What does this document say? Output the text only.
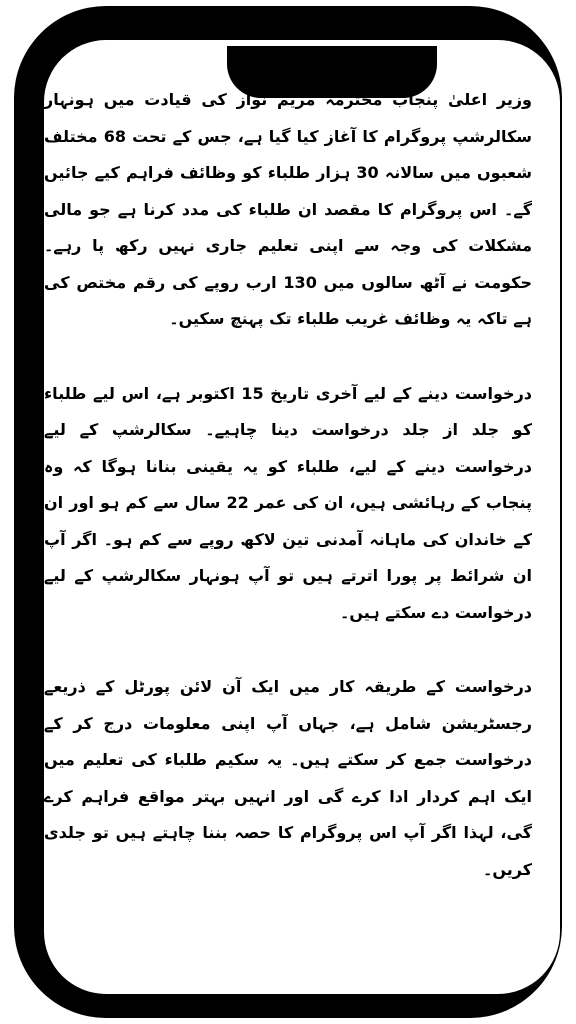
وزیر اعلیٰ پنجاب محترمہ مریم نواز کی قیادت میں ہونہار سکالرشپ پروگرام کا آغاز کیا گیا ہے، جس کے تحت 68 مختلف شعبوں میں سالانہ 30 ہزار طلباء کو وظائف فراہم کیے جائیں گے۔ اس پروگرام کا مقصد ان طلباء کی مدد کرنا ہے جو مالی مشکلات کی وجہ سے اپنی تعلیم جاری نہیں رکھ پا رہے۔ حکومت نے آٹھ سالوں میں 130 ارب روپے کی رقم مختص کی ہے تاکہ یہ وظائف غریب طلباء تک پہنچ سکیں۔

درخواست دینے کے لیے آخری تاریخ 15 اکتوبر ہے، اس لیے طلباء کو جلد از جلد درخواست دینا چاہیے۔ سکالرشپ کے لیے درخواست دینے کے لیے، طلباء کو یہ یقینی بنانا ہوگا کہ وہ پنجاب کے رہائشی ہیں، ان کی عمر 22 سال سے کم ہو اور ان کے خاندان کی ماہانہ آمدنی تین لاکھ روپے سے کم ہو۔ اگر آپ ان شرائط پر پورا اترتے ہیں تو آپ ہونہار سکالرشپ کے لیے درخواست دے سکتے ہیں۔

درخواست کے طریقہ کار میں ایک آن لائن پورٹل کے ذریعے رجسٹریشن شامل ہے، جہاں آپ اپنی معلومات درج کر کے درخواست جمع کر سکتے ہیں۔ یہ سکیم طلباء کی تعلیم میں ایک اہم کردار ادا کرے گی اور انہیں بہتر مواقع فراہم کرے گی، لہذا اگر آپ اس پروگرام کا حصہ بننا چاہتے ہیں تو جلدی کریں۔
